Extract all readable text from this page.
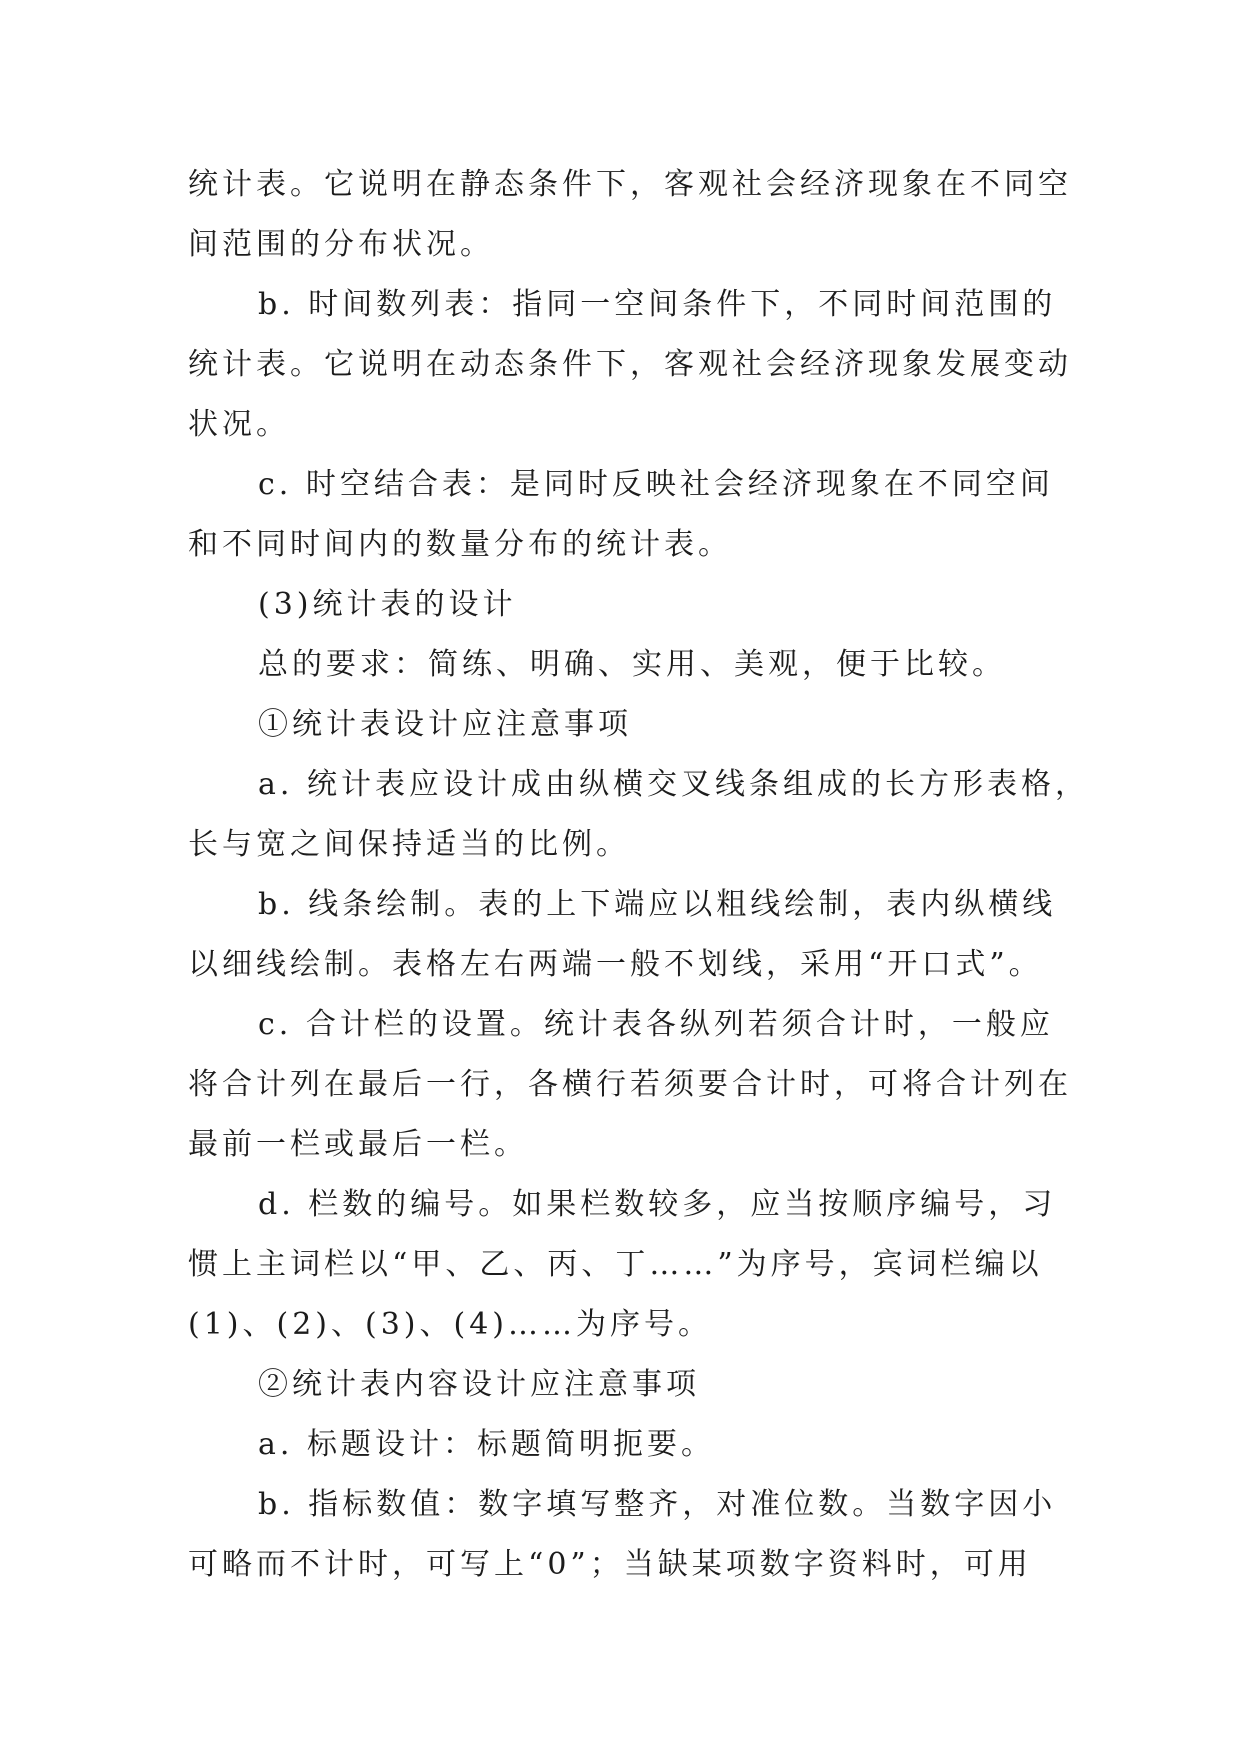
统计表。它说明在静态条件下，客观社会经济现象在不同空
间范围的分布状况。
b. 时间数列表：指同一空间条件下，不同时间范围的
统计表。它说明在动态条件下，客观社会经济现象发展变动
状况。
c. 时空结合表：是同时反映社会经济现象在不同空间
和不同时间内的数量分布的统计表。
(3)统计表的设计
总的要求：简练、明确、实用、美观，便于比较。
①统计表设计应注意事项
a. 统计表应设计成由纵横交叉线条组成的长方形表格，
长与宽之间保持适当的比例。
b. 线条绘制。表的上下端应以粗线绘制，表内纵横线
以细线绘制。表格左右两端一般不划线，采用“开口式”。
c. 合计栏的设置。统计表各纵列若须合计时，一般应
将合计列在最后一行，各横行若须要合计时，可将合计列在
最前一栏或最后一栏。
d. 栏数的编号。如果栏数较多，应当按顺序编号，习
惯上主词栏以“甲、乙、丙、丁……”为序号，宾词栏编以
(1)、(2)、(3)、(4)……为序号。
②统计表内容设计应注意事项
a. 标题设计：标题简明扼要。
b. 指标数值：数字填写整齐，对准位数。当数字因小
可略而不计时，可写上“0”；当缺某项数字资料时，可用
